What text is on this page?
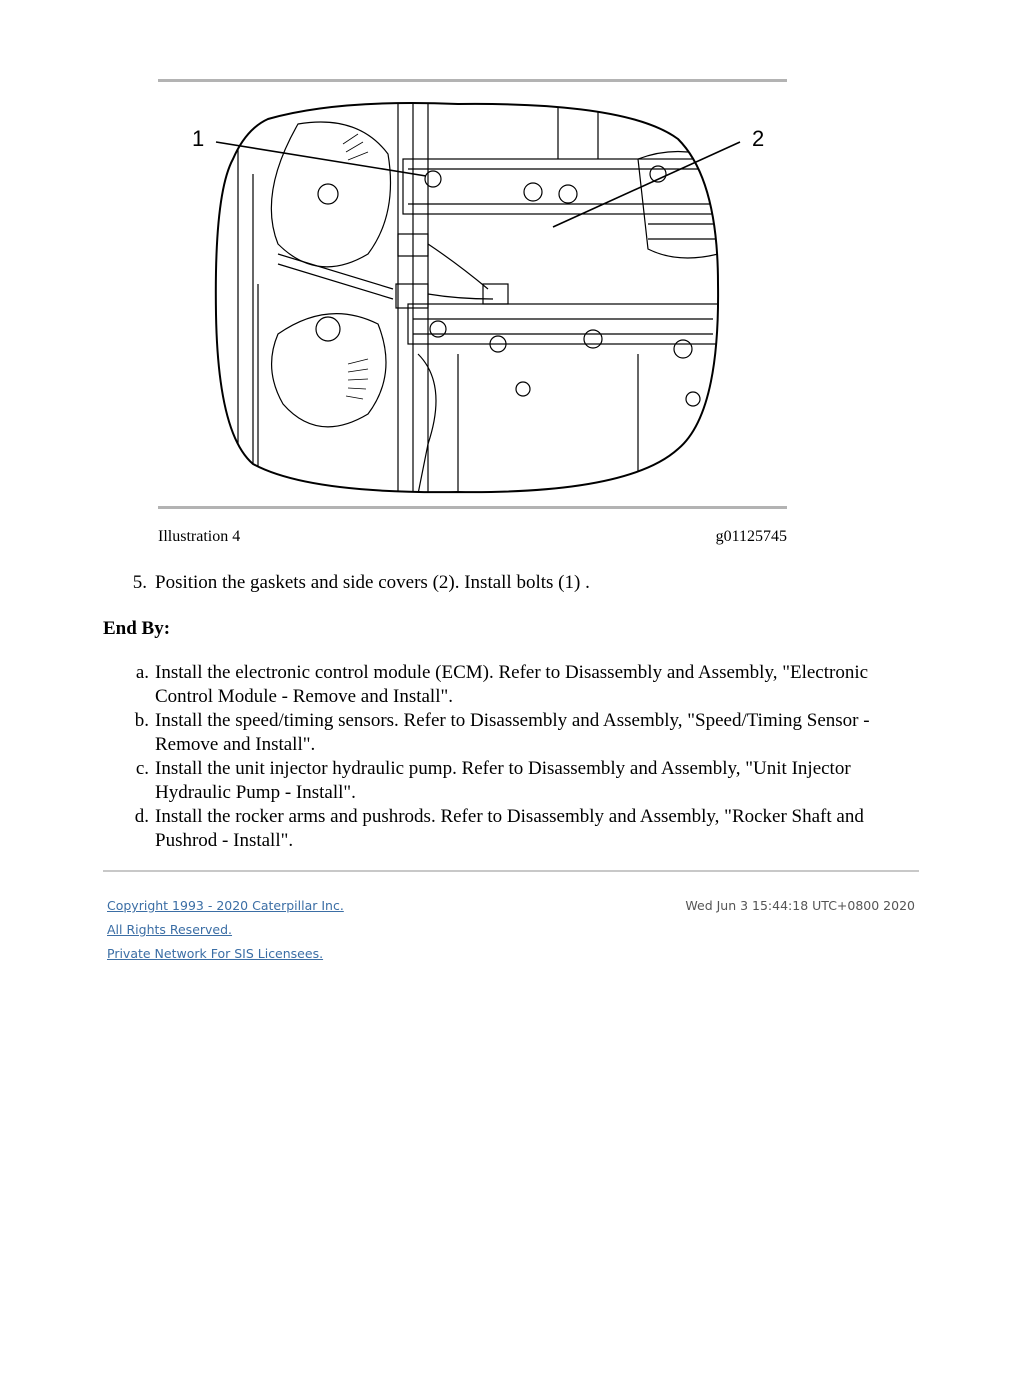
1	2
Illustration 4	g01125745
5. Position the gaskets and side covers (2). Install bolts (1) .
End By:
a. Install the electronic control module (ECM). Refer to Disassembly and Assembly, "Electronic Control Module - Remove and Install".
b. Install the speed/timing sensors. Refer to Disassembly and Assembly, "Speed/Timing Sensor - Remove and Install".
c. Install the unit injector hydraulic pump. Refer to Disassembly and Assembly, "Unit Injector Hydraulic Pump - Install".
d. Install the rocker arms and pushrods. Refer to Disassembly and Assembly, "Rocker Shaft and Pushrod - Install".
Copyright 1993 - 2020 Caterpillar Inc.
All Rights Reserved.
Private Network For SIS Licensees.
Wed Jun 3 15:44:18 UTC+0800 2020
